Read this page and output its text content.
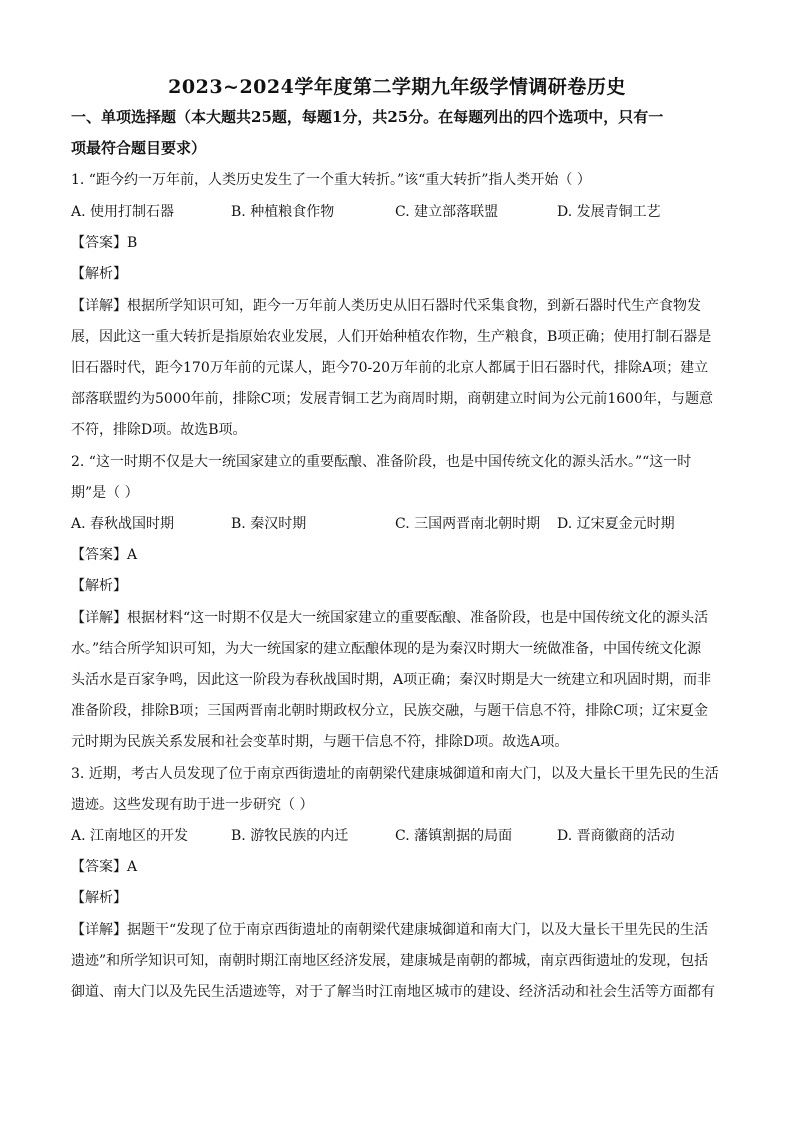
2023~2024学年度第二学期九年级学情调研卷历史
一、单项选择题（本大题共25题，每题1分，共25分。在每题列出的四个选项中，只有一
项最符合题目要求）
1. “距今约一万年前，人类历史发生了一个重大转折。”该“重大转折”指人类开始（ ）
A. 使用打制石器	B. 种植粮食作物	C. 建立部落联盟	D. 发展青铜工艺
【答案】B
【解析】
【详解】根据所学知识可知，距今一万年前人类历史从旧石器时代采集食物，到新石器时代生产食物发
展，因此这一重大转折是指原始农业发展，人们开始种植农作物，生产粮食，B项正确；使用打制石器是
旧石器时代，距今170万年前的元谋人，距今70-20万年前的北京人都属于旧石器时代，排除A项；建立
部落联盟约为5000年前，排除C项；发展青铜工艺为商周时期，商朝建立时间为公元前1600年，与题意
不符，排除D项。故选B项。
2. “这一时期不仅是大一统国家建立的重要酝酿、准备阶段，也是中国传统文化的源头活水。”“这一时
期”是（ ）
A. 春秋战国时期	B. 秦汉时期	C. 三国两晋南北朝时期 D. 辽宋夏金元时期
【答案】A
【解析】
【详解】根据材料“这一时期不仅是大一统国家建立的重要酝酿、准备阶段，也是中国传统文化的源头活
水。”结合所学知识可知，为大一统国家的建立酝酿体现的是为秦汉时期大一统做准备，中国传统文化源
头活水是百家争鸣，因此这一阶段为春秋战国时期，A项正确；秦汉时期是大一统建立和巩固时期，而非
准备阶段，排除B项；三国两晋南北朝时期政权分立，民族交融，与题干信息不符，排除C项；辽宋夏金
元时期为民族关系发展和社会变革时期，与题干信息不符，排除D项。故选A项。
3. 近期，考古人员发现了位于南京西街遗址的南朝梁代建康城御道和南大门，以及大量长干里先民的生活
遗迹。这些发现有助于进一步研究（ ）
A. 江南地区的开发	B. 游牧民族的内迁	C. 藩镇割据的局面	D. 晋商徽商的活动
【答案】A
【解析】
【详解】据题干“发现了位于南京西街遗址的南朝梁代建康城御道和南大门，以及大量长干里先民的生活
遗迹”和所学知识可知，南朝时期江南地区经济发展，建康城是南朝的都城，南京西街遗址的发现，包括
御道、南大门以及先民生活遗迹等，对于了解当时江南地区城市的建设、经济活动和社会生活等方面都有
